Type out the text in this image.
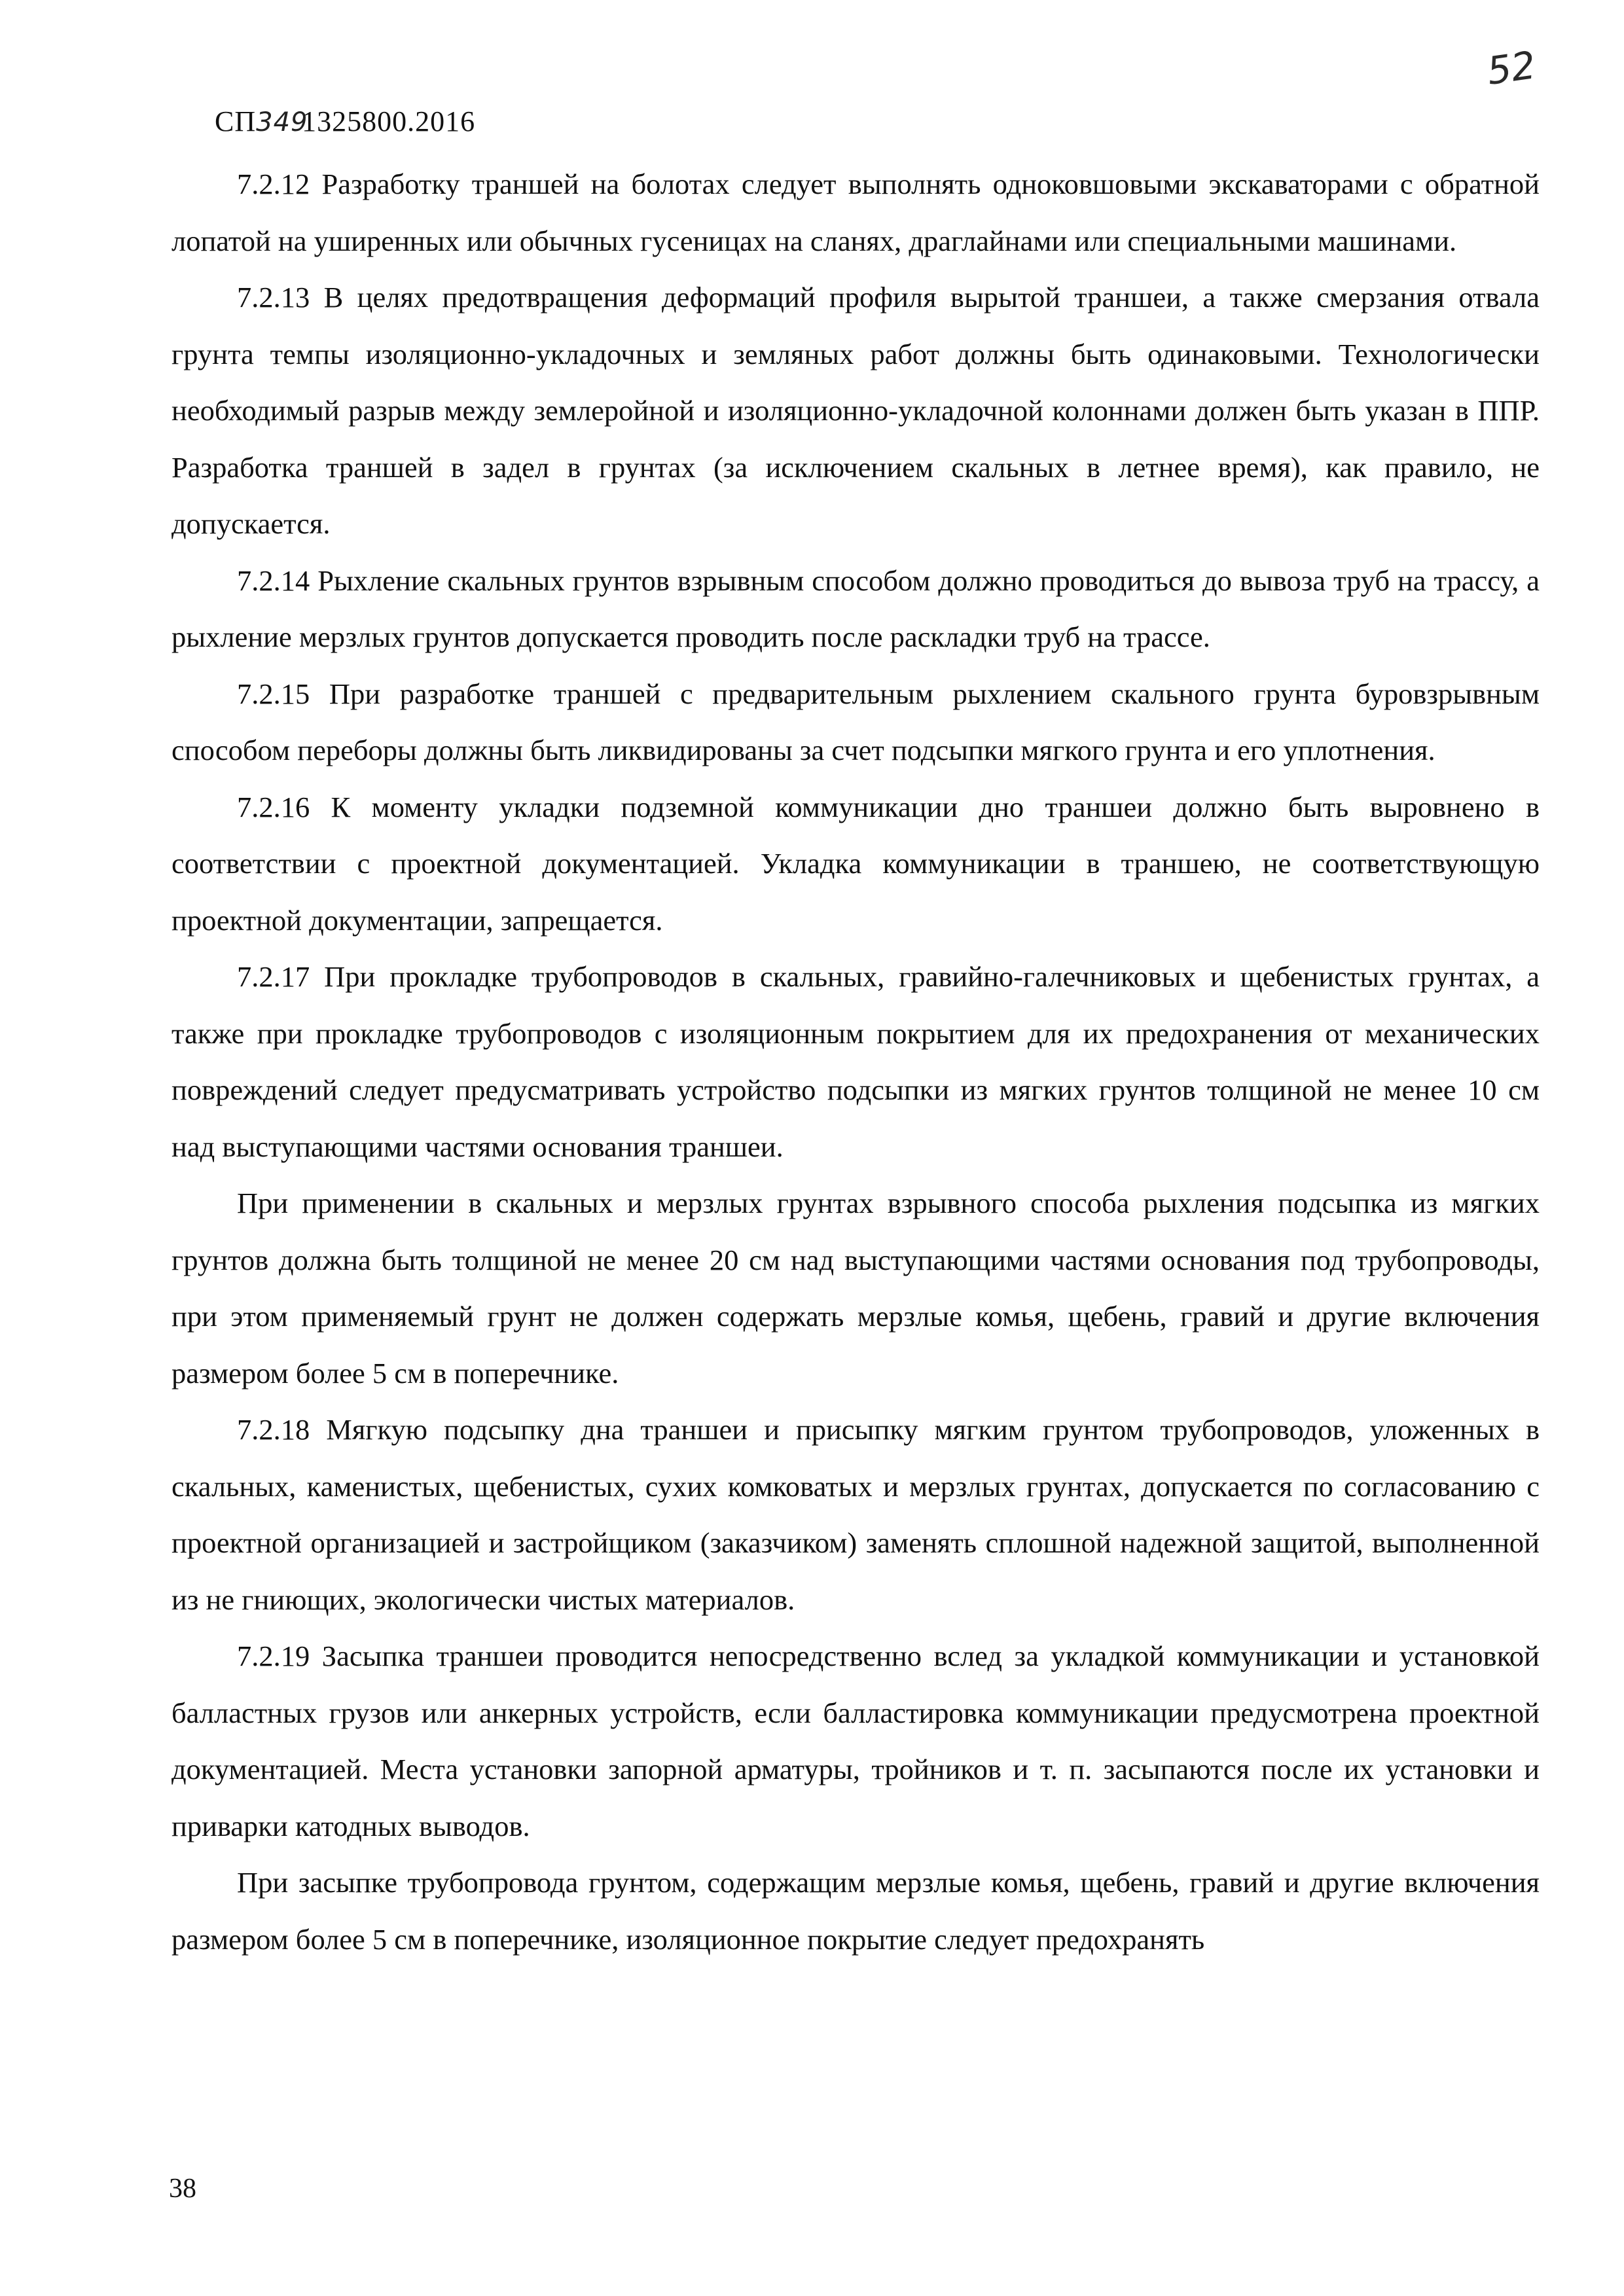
52
СП3491325800.2016

7.2.12 Разработку траншей на болотах следует выполнять одноковшовыми экскаваторами с обратной лопатой на уширенных или обычных гусеницах на сланях, драглайнами или специальными машинами.

7.2.13 В целях предотвращения деформаций профиля вырытой траншеи, а также смерзания отвала грунта темпы изоляционно-укладочных и земляных работ должны быть одинаковыми. Технологически необходимый разрыв между землеройной и изоляционно-укладочной колоннами должен быть указан в ППР. Разработка траншей в задел в грунтах (за исключением скальных в летнее время), как правило, не допускается.

7.2.14 Рыхление скальных грунтов взрывным способом должно проводиться до вывоза труб на трассу, а рыхление мерзлых грунтов допускается проводить после раскладки труб на трассе.

7.2.15 При разработке траншей с предварительным рыхлением скального грунта буровзрывным способом переборы должны быть ликвидированы за счет подсыпки мягкого грунта и его уплотнения.

7.2.16 К моменту укладки подземной коммуникации дно траншеи должно быть выровнено в соответствии с проектной документацией. Укладка коммуникации в траншею, не соответствующую проектной документации, запрещается.

7.2.17 При прокладке трубопроводов в скальных, гравийно-галечниковых и щебенистых грунтах, а также при прокладке трубопроводов с изоляционным покрытием для их предохранения от механических повреждений следует предусматривать устройство подсыпки из мягких грунтов толщиной не менее 10 см над выступающими частями основания траншеи.

При применении в скальных и мерзлых грунтах взрывного способа рыхления подсыпка из мягких грунтов должна быть толщиной не менее 20 см над выступающими частями основания под трубопроводы, при этом применяемый грунт не должен содержать мерзлые комья, щебень, гравий и другие включения размером более 5 см в поперечнике.

7.2.18 Мягкую подсыпку дна траншеи и присыпку мягким грунтом трубопроводов, уложенных в скальных, каменистых, щебенистых, сухих комковатых и мерзлых грунтах, допускается по согласованию с проектной организацией и застройщиком (заказчиком) заменять сплошной надежной защитой, выполненной из не гниющих, экологически чистых материалов.

7.2.19 Засыпка траншеи проводится непосредственно вслед за укладкой коммуникации и установкой балластных грузов или анкерных устройств, если балластировка коммуникации предусмотрена проектной документацией. Места установки запорной арматуры, тройников и т. п. засыпаются после их установки и приварки катодных выводов.

При засыпке трубопровода грунтом, содержащим мерзлые комья, щебень, гравий и другие включения размером более 5 см в поперечнике, изоляционное покрытие следует предохранять

38
